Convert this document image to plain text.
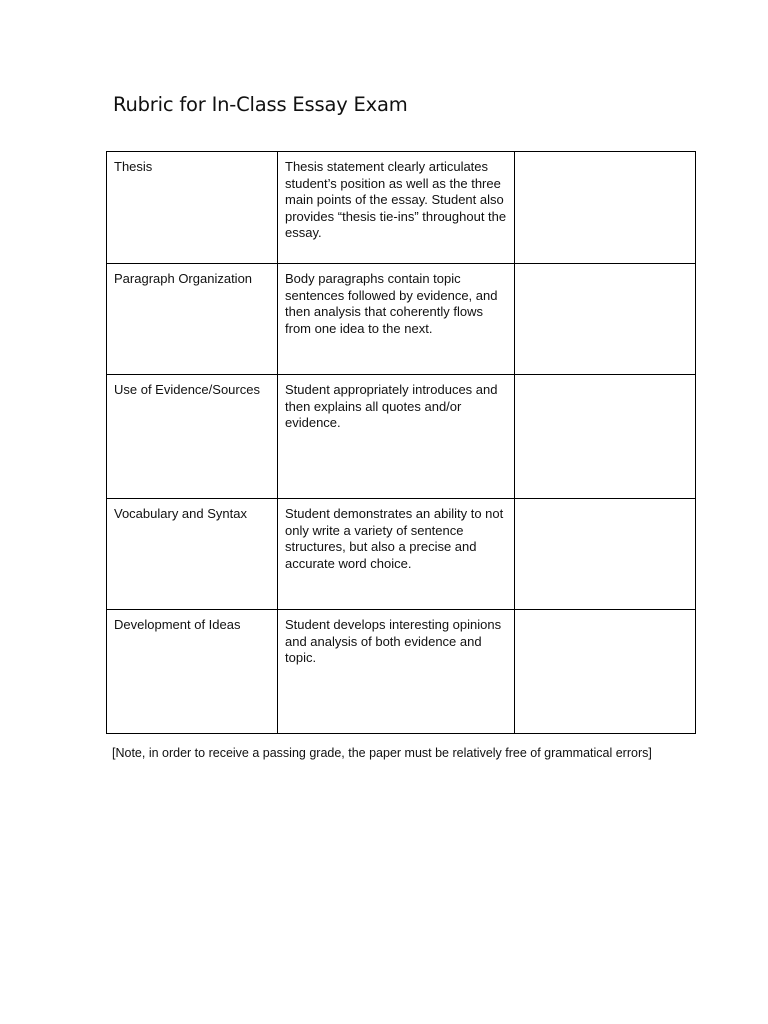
Rubric for In-Class Essay Exam
Thesis	Thesis statement clearly articulates student’s position as well as the three main points of the essay. Student also provides “thesis tie-ins” throughout the essay.	
Paragraph Organization	Body paragraphs contain topic sentences followed by evidence, and then analysis that coherently flows from one idea to the next.	
Use of Evidence/Sources	Student appropriately introduces and then explains all quotes and/or evidence.	
Vocabulary and Syntax	Student demonstrates an ability to not only write a variety of sentence structures, but also a precise and accurate word choice.	
Development of Ideas	Student develops interesting opinions and analysis of both evidence and topic.	

[Note, in order to receive a passing grade, the paper must be relatively free of grammatical errors]
